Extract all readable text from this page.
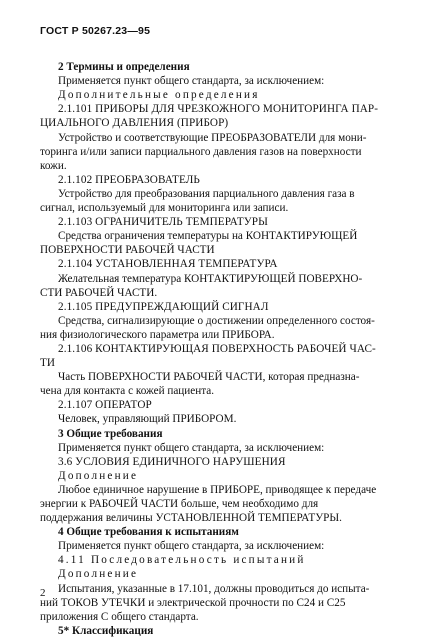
ГОСТ Р 50267.23—95

2 Термины и определения

Применяется пункт общего стандарта, за исключением:

Дополнительные определения

2.1.101 ПРИБОРЫ ДЛЯ ЧРЕЗКОЖНОГО МОНИТОРИНГА ПАР-

ЦИАЛЬНОГО ДАВЛЕНИЯ (ПРИБОР)

Устройство и соответствующие ПРЕОБРАЗОВАТЕЛИ для мони-

торинга и/или записи парциального давления газов на поверхности

кожи.

2.1.102 ПРЕОБРАЗОВАТЕЛЬ

Устройство для преобразования парциального давления газа в

сигнал, используемый для мониторинга или записи.

2.1.103 ОГРАНИЧИТЕЛЬ ТЕМПЕРАТУРЫ

Средства ограничения температуры на КОНТАКТИРУЮЩЕЙ

ПОВЕРХНОСТИ РАБОЧЕЙ ЧАСТИ

2.1.104 УСТАНОВЛЕННАЯ ТЕМПЕРАТУРА

Желательная температура КОНТАКТИРУЮЩЕЙ ПОВЕРХНО-

СТИ РАБОЧЕЙ ЧАСТИ.

2.1.105 ПРЕДУПРЕЖДАЮЩИЙ СИГНАЛ

Средства, сигнализирующие о достижении определенного состоя-

ния физиологического параметра или ПРИБОРА.

2.1.106 КОНТАКТИРУЮЩАЯ ПОВЕРХНОСТЬ РАБОЧЕЙ ЧАС-

ТИ

Часть ПОВЕРХНОСТИ РАБОЧЕЙ ЧАСТИ, которая предназна-

чена для контакта с кожей пациента.

2.1.107 ОПЕРАТОР

Человек, управляющий ПРИБОРОМ.

3 Общие требования

Применяется пункт общего стандарта, за исключением:

3.6 УСЛОВИЯ ЕДИНИЧНОГО НАРУШЕНИЯ

Дополнение

Любое единичное нарушение в ПРИБОРЕ, приводящее к передаче

энергии к РАБОЧЕЙ ЧАСТИ больше, чем необходимо для

поддержания величины УСТАНОВЛЕННОЙ ТЕМПЕРАТУРЫ.

4 Общие требования к испытаниям

Применяется пункт общего стандарта, за исключением:

4.11 Последовательность испытаний

Дополнение

Испытания, указанные в 17.101, должны проводиться до испыта-

ний ТОКОВ УТЕЧКИ и электрической прочности по С24 и С25

приложения С общего стандарта.

5* Классификация

2
